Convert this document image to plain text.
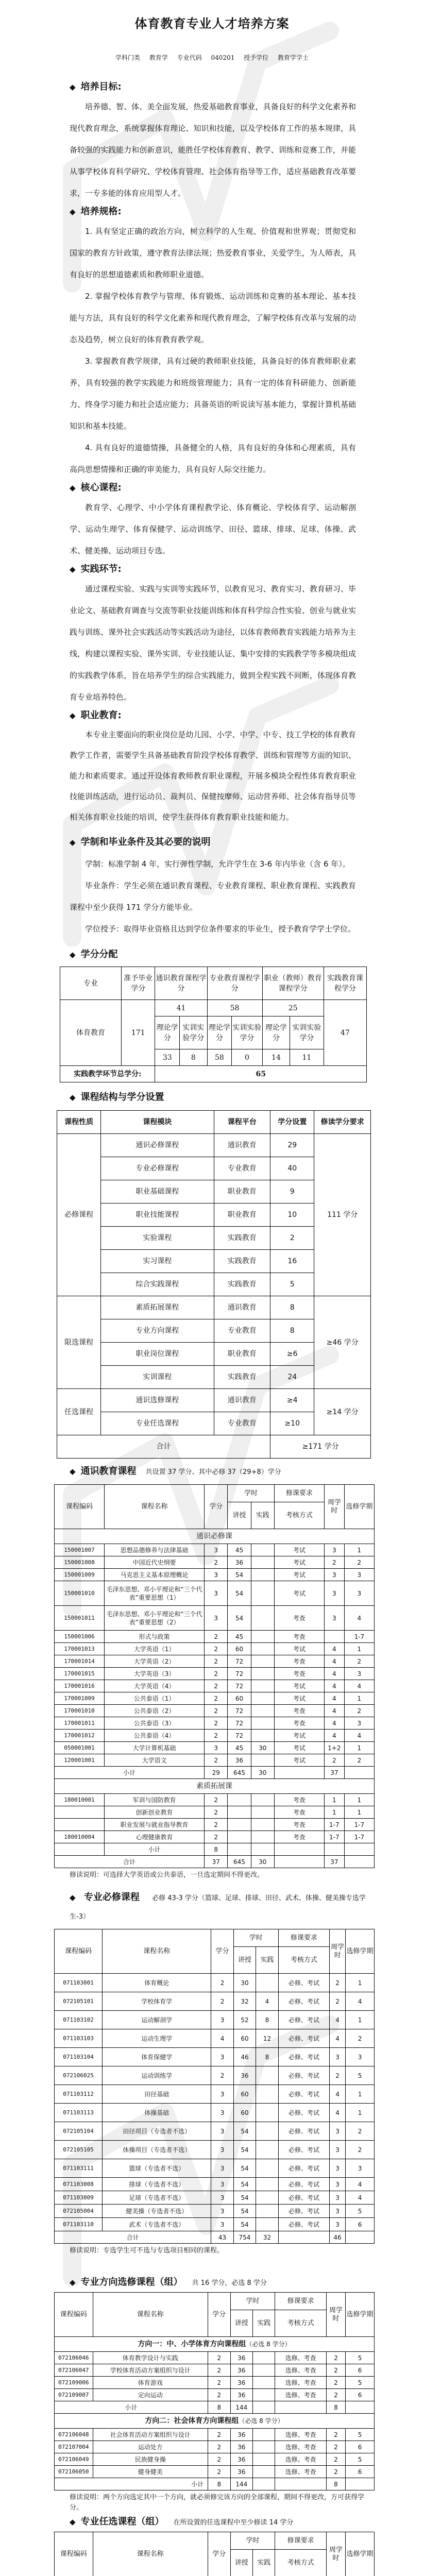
体育教育专业人才培养方案
学科门类 教育学 专业代码 040201 授予学位 教育学学士
◆ 培养目标:

培养德、智、体、美全面发展，热爱基础教育事业，具备良好的科学文化素养和现代教育理念，系统掌握体育理论、知识和技能，以及学校体育工作的基本规律，具备较强的实践能力和创新意识，能胜任学校体育教育、教学、训练和竞赛工作，并能从事学校体育科学研究、学校体育管理、社会体育指导等工作，适应基础教育改革要求，一专多能的体育应用型人才。

◆ 培养规格:

1. 具有坚定正确的政治方向，树立科学的人生观、价值观和世界观；贯彻党和国家的教育方针政策，遵守教育法律法规；热爱教育事业，关爱学生，为人师表，具有良好的思想道德素质和教师职业道德。

2. 掌握学校体育教学与管理、体育锻炼、运动训练和竞赛的基本理论、基本技能与方法，具有良好的科学文化素养和现代教育理念，了解学校体育改革与发展的动态及趋势，树立良好的体育教育教学观。

3. 掌握教育教学规律，具有过硬的教师职业技能，具备良好的体育教师职业素养，具有较强的教学实践能力和班级管理能力；具有一定的体育科研能力、创新能力、终身学习能力和社会适应能力；具备英语的听说读写基本能力，掌握计算机基础知识和基本技能。

4. 具有良好的道德情操，具备健全的人格，具有良好的身体和心理素质，具有高尚思想情操和正确的审美能力，具有良好人际交往能力。

◆ 核心课程:

教育学、心理学、中小学体育课程教学论、体育概论、学校体育学、运动解剖学、运动生理学、体育保健学、运动训练学、田径、篮球、排球、足球、体操、武术、健美操、运动项目专选。

◆ 实践环节:

通过课程实验、实践与实训等实践环节，以教育见习、教育实习、教育研习、毕业论文、基础教育调查与交流等职业技能训练和体育科学综合性实验、创业与就业实践与训练、课外社会实践活动等实践活动为途径，以体育教师教育实践能力培养为主线，构建以课程实验、课外实训、专业技能认证、集中安排的实践教学等多模块组成的实践教学体系，旨在培养学生的综合实践能力，做到全程实践不间断，体现体育教育专业培养特色。

◆ 职业教育:

本专业主要面向的职业岗位是幼儿园、小学、中学、中专、技工学校的体育教育教学工作者，需要学生具备基础教育阶段学校体育教学、训练和管理等方面的知识、能力和素质要求。通过开设体育教师教育职业课程，开展多模块全程性体育教育职业技能训练活动，进行运动员、裁判员、保健按摩师、运动营养师、社会体育指导员等相关体育职业技能的培训，使学生获得体育教育职业技能和能力。

◆ 学制和毕业条件及其必要的说明

学制：标准学制 4 年，实行弹性学制，允许学生在 3-6 年内毕业（含 6 年）。

毕业条件：学生必须在通识教育课程、专业教育课程、职业教育课程、实践教育课程中至少获得 171 学分方能毕业。

学位授予：取得毕业资格且达到学位条件要求的毕业生，授予教育学学士学位。

◆ 学分分配
专业	准予毕业学分	通识教育课程学分		专业教育课程学分		职业（教师）教育课程学分		实践教育课程学分
体育教育	171	41		58		25		47
		理论学分	实训实验学分	理论学分	实训实验学分	理论学分	实训实验学分	
		33	8	58	0	14	11	
实践教学环节总学分:		65						
◆ 课程结构与学分设置
课程性质	课程模块	课程平台	学分设置	修读学分要求
必修课程	通识必修课程	通识教育	29	111 学分
	专业必修课程	专业教育	40	
	职业基础课程	职业教育	9	
	职业技能课程	职业教育	10	
	实验课程	实践教育	2	
	实习课程	实践教育	16	
	综合实践课程	实践教育	5	
限选课程	素质拓展课程	通识教育	8	≥46 学分
	专业方向课程	专业教育	8	
	职业岗位课程	职业教育	≥6	
	实训课程	实践教育	24	
任选课程	通识选修课程	通识教育	≥4	≥14 学分
	专业任选课程	专业教育	≥10	
合计			≥171 学分	
◆ 通识教育课程 共设置 37 学分、其中必修 37（29+8）学分
课程编码	课程名称	学分	学时		修课要求	周学时	选修学期
			讲授	实践	考核方式		
通识必修课							
150001007	思想品德修养与法律基础	3	45		考试	3	1
150001008	中国近代史纲要	2	36		考试	2	2
150001009	马克思主义基本原理概论	3	54		考试	3	3
150001010	毛泽东思想、邓小平理论和“三个代表”重要思想（1）	3	54		考试	3	3
150001011	毛泽东思想、邓小平理论和“三个代表”重要思想（2）	3	54		考查	3	4
150001006	形式与政策	2	45		考查		1-7
170001013	大学英语（1）	2	60		考试	4	1
170001014	大学英语（2）	2	72		考查	4	2
170001015	大学英语（3）	2	72		考查	4	3
170001016	大学英语（4）	2	72		考试	4	4
170001009	公共泰语（1）	2	60		考试	4	1
170001010	公共泰语（2）	2	72		考查	4	2
170001011	公共泰语（3）	2	72		考查	4	3
170001012	公共泰语（4）	2	72		考试	4	4
050001001	大学计算机基础	3	45	30	考试	1+2	1
120001001	大学语文	2	36		考试	2	2
小计		29	645	30		37	
素质拓展课							
180010001	军训与国防教育	2			考查	1	1
	创新创业教育	2			考查	1	1
	职业发展与就业指导教育	2			考查	1-7	1-7
180010004	心理健康教育	2			考查	1-7	1-7
	小计	8					
合计		37	645	30		37	
修读说明：可选择大学英语或公共泰语，一旦选定期间不得更改。
◆ 专业必修课程 必修 43-3 学分（篮球、足球、排球、田径、武术、体操、健美操专选学生-3）
课程编码	课程名称	学分	学时		修课要求	周学时	选修学期
			讲授	实践	考核方式		
071103001	体育概论	2	30		必修、考试	2	1
072105101	学校体育学	2	32	4	必修、考试	2	4
071103102	运动解剖学	3	52	8	必修、考试	4	1
071103103	运动生理学	4	60	12	必修、考试	4	2
071103104	体育保健学	3	46	8	必修、考试	3	3
072106025	运动训练学	2	36		必修、考试	2	5
071103112	田径基础	3	60		必修、考试	4	1
071103113	体操基础	3	60		必修、考试	4	1
072105104	田径项目（专选者不选）	3	54		必修、考试	3	2
072105105	体操项目（专选者不选）	3	54		必修、考试	3	2
071103111	篮球（专选者不选）	3	54		必修、考试	3	3
071103008	排球（专选者不选）	3	54		必修、考试	3	4
071103009	足球（专选者不选）	3	54		必修、考试	3	4
072105004	健美操（专选者不选）	3	54		必修、考试	3	5
071103110	武术（专选者不选）	3	54		必修、考试	3	6
合计		43	754	32		46	
修读说明：专选学生可不选与专选项目相同的课程。
◆ 专业方向选修课程（组） 共 16 学分，必选 8 学分
课程编码	课程名称	学分	学时		修课要求	周学时	选修学期
			讲授	实践	考核方式		
方向一：中、小学体育方向课程组（必选 8 学分）							
072106046	体育教学设计与实践	2	36		选修、考查	2	5
072106047	学校体育活动方案组织与设计	2	36		选修、考查	2	6
072109006	体育游戏	2	36		选修、考查	2	5
072109007	定向运动	2	36		选修、考查	2	6
小计		8	144			8	
方向二：社会体育方向课程组（必选 8 学分）							
072106048	社会体育活动方案组织与设计	2	36		选修、考查	2	5
072107004	运动处方	2	36		选修、考查	2	6
072106049	民族健身操	2	36		选修、考查	2	5
072106050	健身健美	2	36		选修、考查	2	6
小计		8	144			8	
修读说明：两个方向选定其中一个方向，就必须修完该方向的全部课程，期间不得更改，方可获得学分。
◆ 专业任选课程（组） 在所设置的任选课程中至少修读 14 学分
课程编码	课程名称	学分	学时		修课要求	周学时	选修学期
			讲授	实践	考核方式		
